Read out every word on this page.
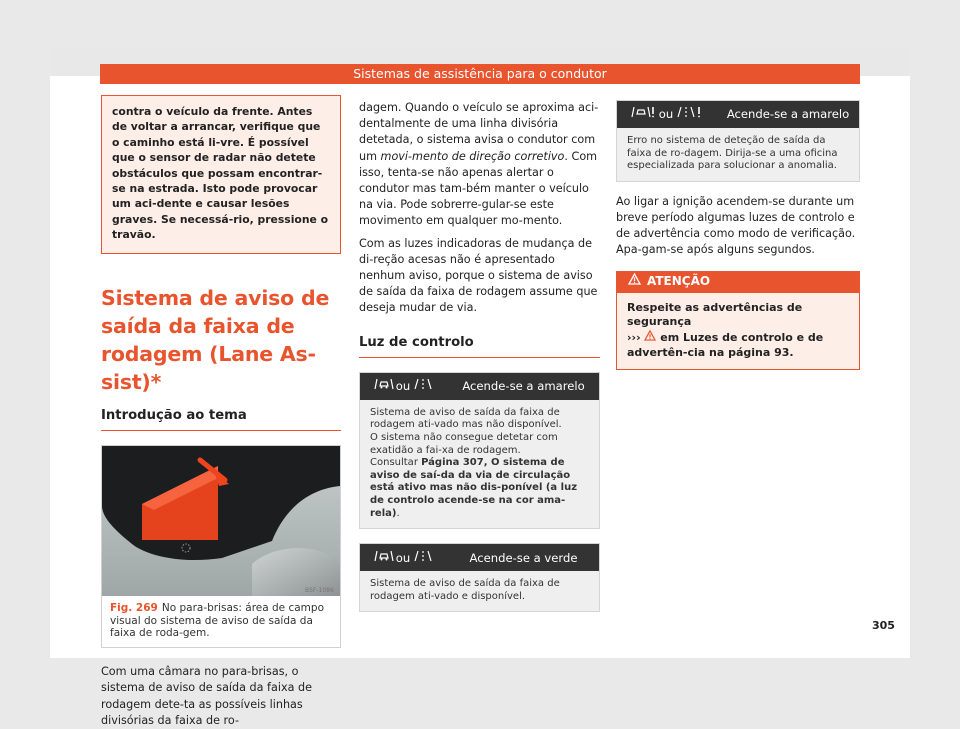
Sistemas de assistência para o condutor
contra o veículo da frente. Antes de voltar a arrancar, verifique que o caminho está li-vre. É possível que o sensor de radar não detete obstáculos que possam encontrar-se na estrada. Isto pode provocar um aci-dente e causar lesões graves. Se necessá-rio, pressione o travão.
Sistema de aviso de saída da faixa de rodagem (Lane As-sist)*
Introdução ao tema
B5F-1086
Fig. 269 No para-brisas: área de campo visual do sistema de aviso de saída da faixa de roda-gem.

Com uma câmara no para-brisas, o sistema de aviso de saída da faixa de rodagem dete-ta as possíveis linhas divisórias da faixa de ro-

dagem. Quando o veículo se aproxima aci-dentalmente de uma linha divisória detetada, o sistema avisa o condutor com um movi-mento de direção corretivo. Com isso, tenta-se não apenas alertar o condutor mas tam-bém manter o veículo na via. Pode sobrerre-gular-se este movimento em qualquer mo-mento.

Com as luzes indicadoras de mudança de di-reção acesas não é apresentado nenhum aviso, porque o sistema de aviso de saída da faixa de rodagem assume que deseja mudar de via.

Luz de controlo
ou	Acende-se a amarelo
Sistema de aviso de saída da faixa de rodagem ati-vado mas não disponível.
O sistema não consegue detetar com exatidão a fai-xa de rodagem.
Consultar Página 307, O sistema de aviso de saí-da da via de circulação está ativo mas não dis-ponível (a luz de controlo acende-se na cor ama-rela).
ou	Acende-se a verde
Sistema de aviso de saída da faixa de rodagem ati-vado e disponível.
ou	Acende-se a amarelo
Erro no sistema de deteção de saída da faixa de ro-dagem. Dirija-se a uma oficina especializada para solucionar a anomalia.

Ao ligar a ignição acendem-se durante um breve período algumas luzes de controlo e de advertência como modo de verificação. Apa-gam-se após alguns segundos.

ATENÇÃO
Respeite as advertências de segurança
››› em Luzes de controlo e de advertên-cia na página 93.
305
